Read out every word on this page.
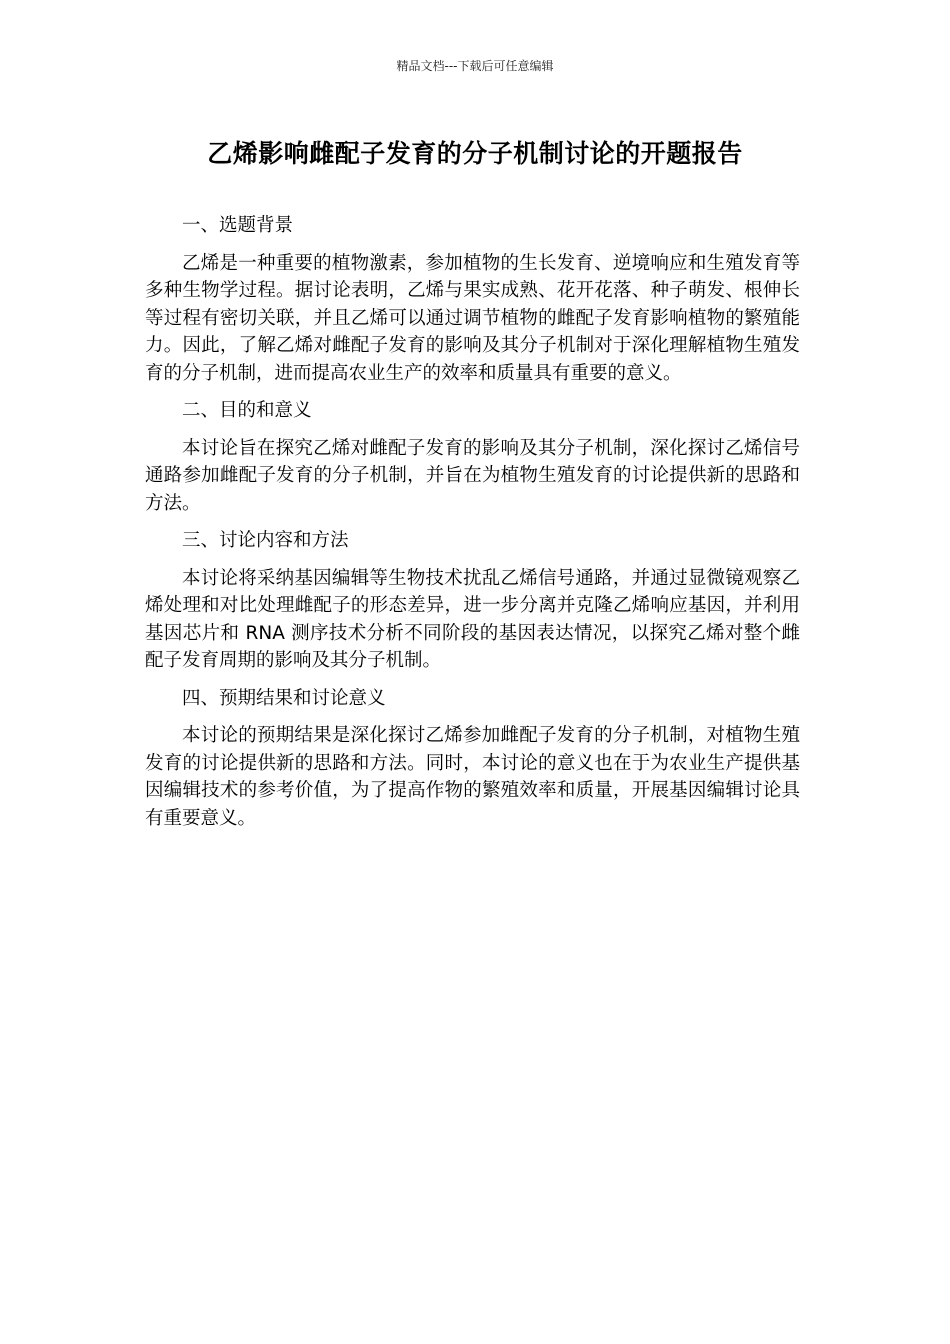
精品文档---下载后可任意编辑
乙烯影响雌配子发育的分子机制讨论的开题报告

一、选题背景

乙烯是一种重要的植物激素，参加植物的生长发育、逆境响应和生殖发育等多种生物学过程。据讨论表明，乙烯与果实成熟、花开花落、种子萌发、根伸长等过程有密切关联，并且乙烯可以通过调节植物的雌配子发育影响植物的繁殖能力。因此，了解乙烯对雌配子发育的影响及其分子机制对于深化理解植物生殖发育的分子机制，进而提高农业生产的效率和质量具有重要的意义。

二、目的和意义

本讨论旨在探究乙烯对雌配子发育的影响及其分子机制，深化探讨乙烯信号通路参加雌配子发育的分子机制，并旨在为植物生殖发育的讨论提供新的思路和方法。

三、讨论内容和方法

本讨论将采纳基因编辑等生物技术扰乱乙烯信号通路，并通过显微镜观察乙烯处理和对比处理雌配子的形态差异，进一步分离并克隆乙烯响应基因，并利用基因芯片和 RNA 测序技术分析不同阶段的基因表达情况，以探究乙烯对整个雌配子发育周期的影响及其分子机制。

四、预期结果和讨论意义

本讨论的预期结果是深化探讨乙烯参加雌配子发育的分子机制，对植物生殖发育的讨论提供新的思路和方法。同时，本讨论的意义也在于为农业生产提供基因编辑技术的参考价值，为了提高作物的繁殖效率和质量，开展基因编辑讨论具有重要意义。
